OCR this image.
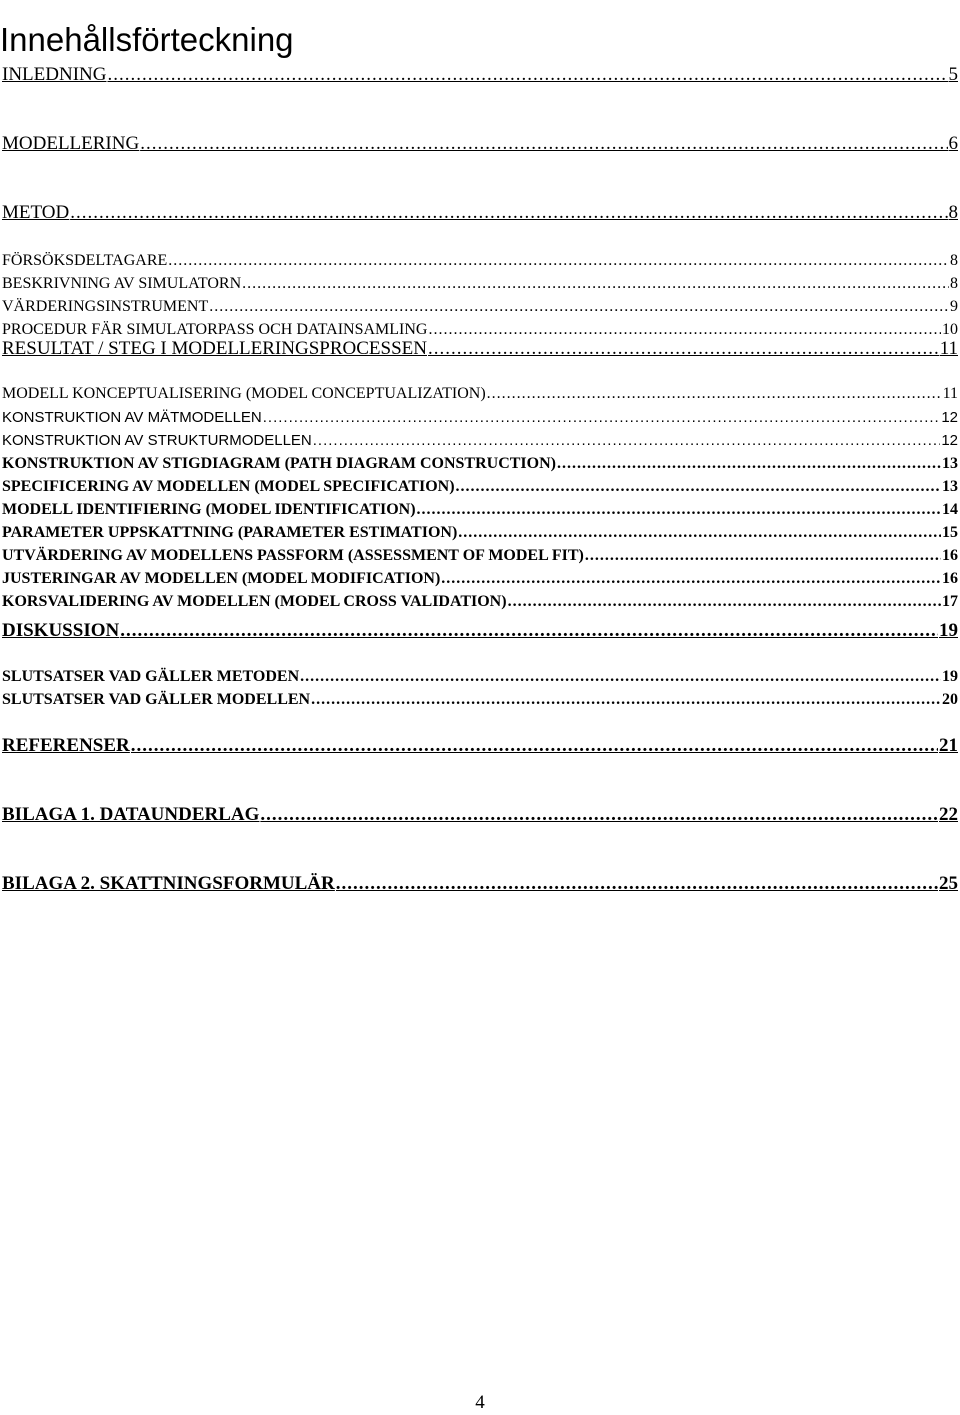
Innehållsförteckning
INLEDNING .....	5
MODELLERING .....	6
METOD .....	8
FÖRSÖKSDELTAGARE .....	8
BESKRIVNING AV SIMULATORN .....	8
VÄRDERINGSINSTRUMENT .....	9
PROCEDUR FÄR SIMULATORPASS OCH DATAINSAMLING .....	10
RESULTAT / STEG I MODELLERINGSPROCESSEN .....	11
MODELL KONCEPTUALISERING (MODEL CONCEPTUALIZATION) .....	11
KONSTRUKTION AV MÄTMODELLEN .....	12
KONSTRUKTION AV STRUKTURMODELLEN .....	12
KONSTRUKTION AV STIGDIAGRAM (PATH DIAGRAM CONSTRUCTION) .....	13
SPECIFICERING AV MODELLEN (MODEL SPECIFICATION) .....	13
MODELL IDENTIFIERING (MODEL IDENTIFICATION) .....	14
PARAMETER UPPSKATTNING (PARAMETER ESTIMATION) .....	15
UTVÄRDERING AV MODELLENS PASSFORM (ASSESSMENT OF MODEL FIT) .....	16
JUSTERINGAR AV MODELLEN (MODEL MODIFICATION) .....	16
KORSVALIDERING AV MODELLEN (MODEL CROSS VALIDATION) .....	17
DISKUSSION .....	19
SLUTSATSER VAD GÄLLER METODEN .....	19
SLUTSATSER VAD GÄLLER MODELLEN .....	20
REFERENSER .....	21
BILAGA 1. DATAUNDERLAG .....	22
BILAGA 2. SKATTNINGSFORMULÄR .....	25
4
